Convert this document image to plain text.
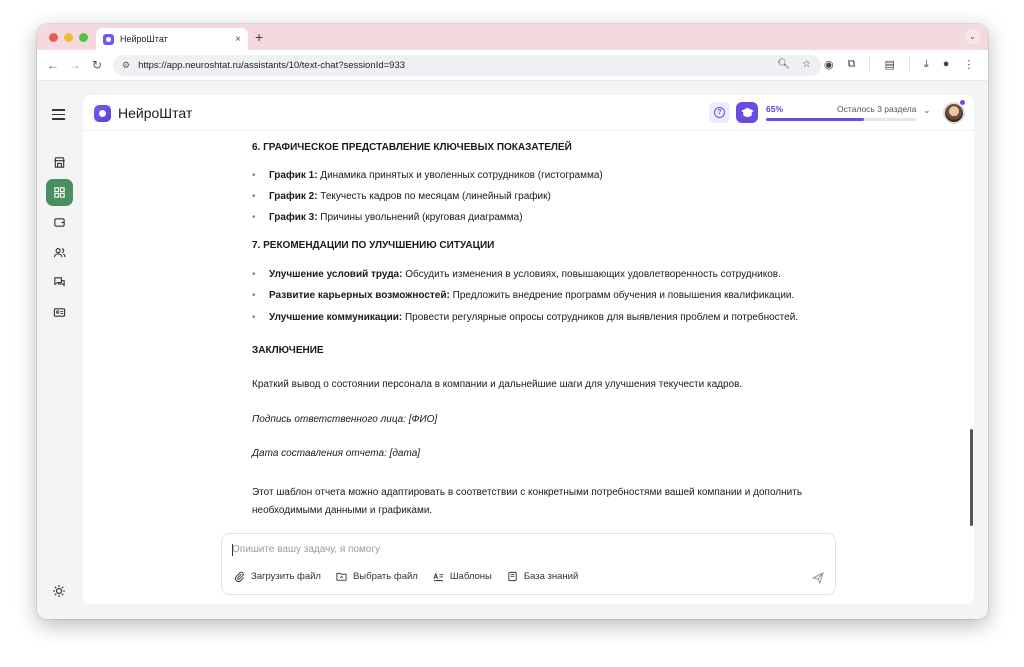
НейроШтат	× +	⌄
← → ↻ ⚙ https://app.neuroshtat.ru/assistants/10/text-chat?sessionId=933	🔍︎ ☆ ◉ ⧉	▤	⤓ ● ⋮
НейроШтат	?	65%	Осталось 3 раздела ⌄
6. ГРАФИЧЕСКОЕ ПРЕДСТАВЛЕНИЕ КЛЮЧЕВЫХ ПОКАЗАТЕЛЕЙ
• График 1: Динамика принятых и уволенных сотрудников (гистограмма)
• График 2: Текучесть кадров по месяцам (линейный график)
• График 3: Причины увольнений (круговая диаграмма)
7. РЕКОМЕНДАЦИИ ПО УЛУЧШЕНИЮ СИТУАЦИИ
• Улучшение условий труда: Обсудить изменения в условиях, повышающих удовлетворенность сотрудников.
• Развитие карьерных возможностей: Предложить внедрение программ обучения и повышения квалификации.
• Улучшение коммуникации: Провести регулярные опросы сотрудников для выявления проблем и потребностей.
ЗАКЛЮЧЕНИЕ
Краткий вывод о состоянии персонала в компании и дальнейшие шаги для улучшения текучести кадров.
Подпись ответственного лица: [ФИО]
Дата составления отчета: [дата]
Этот шаблон отчета можно адаптировать в соответствии с конкретными потребностями вашей компании и дополнить
необходимыми данными и графиками.
Опишите вашу задачу, я помогу
Загрузить файл	Выбрать файл	Шаблоны	База знаний
